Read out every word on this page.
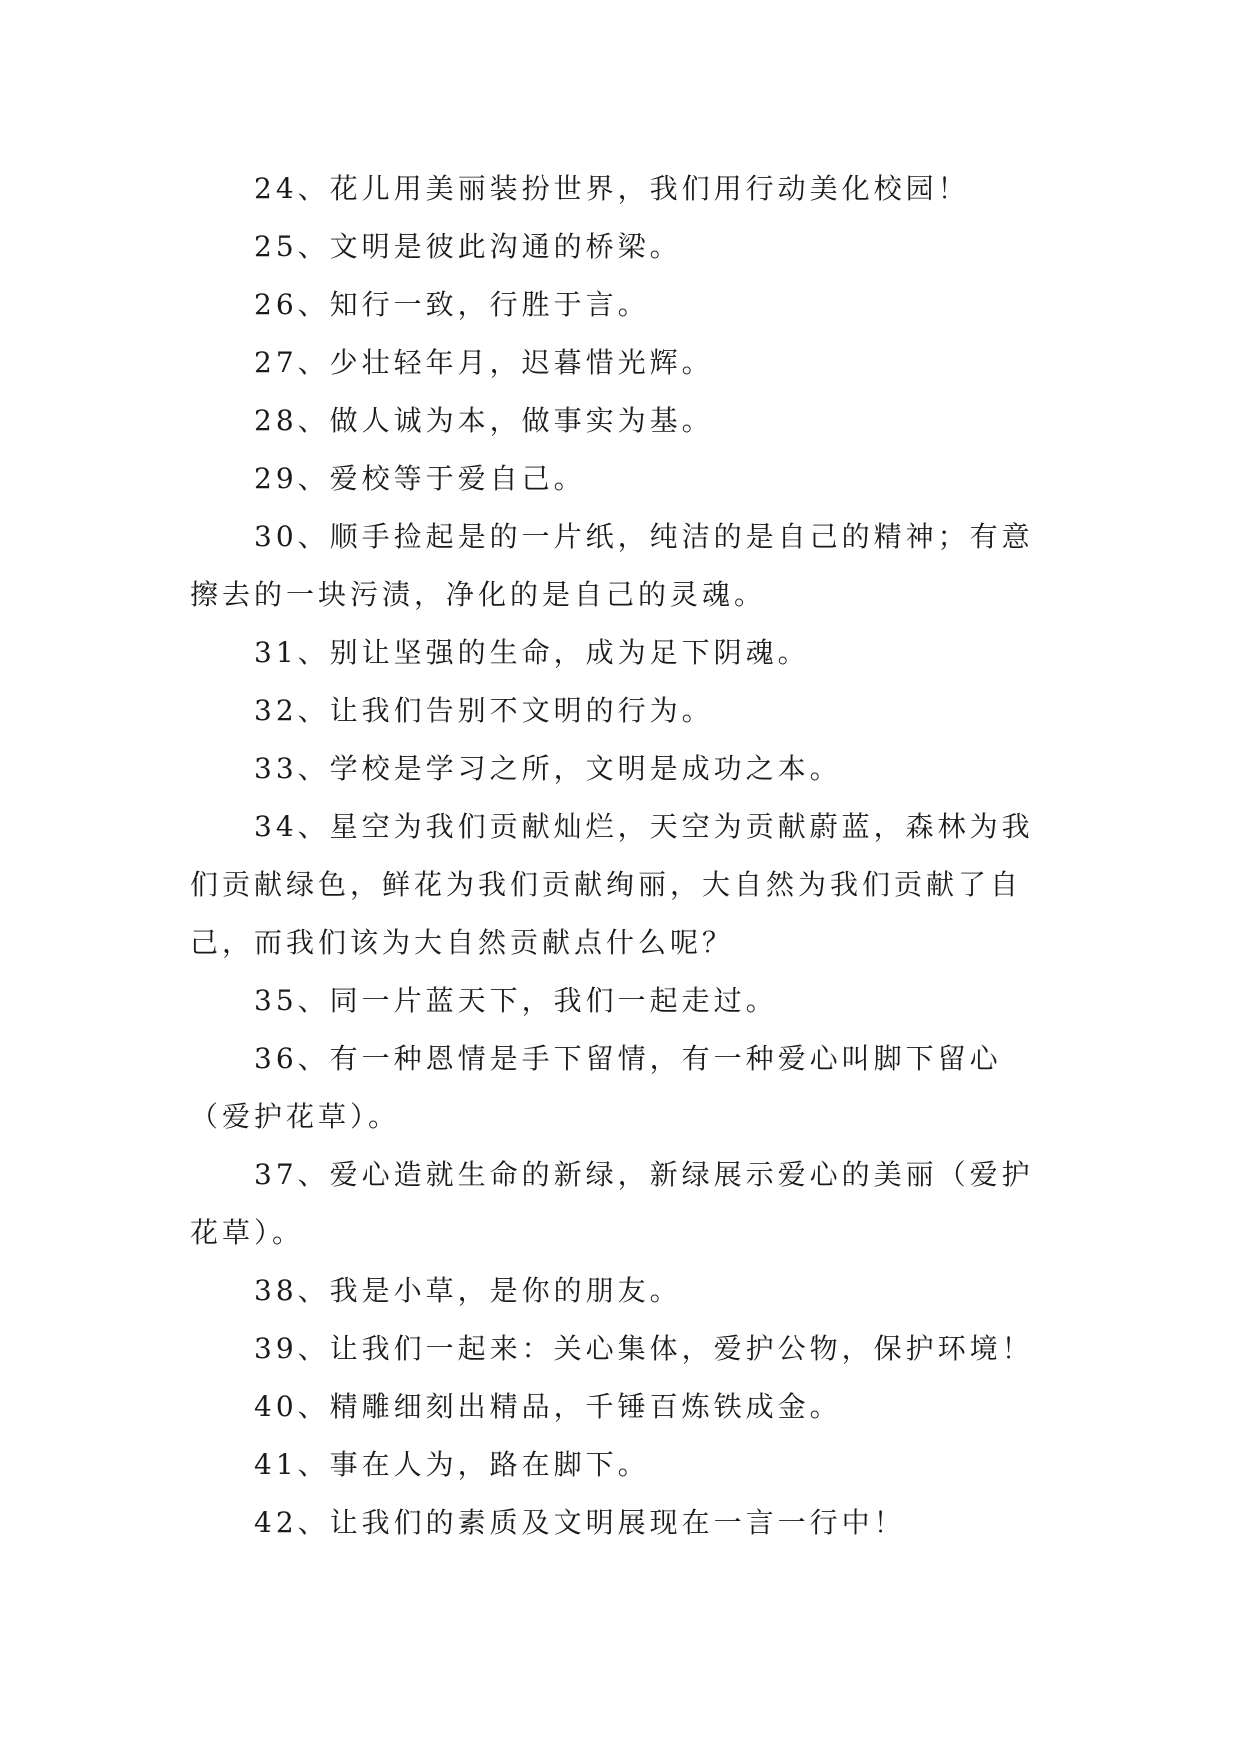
24、花儿用美丽装扮世界，我们用行动美化校园！

25、文明是彼此沟通的桥梁。

26、知行一致，行胜于言。

27、少壮轻年月，迟暮惜光辉。

28、做人诚为本，做事实为基。

29、爱校等于爱自己。

30、顺手捡起是的一片纸，纯洁的是自己的精神；有意擦去的一块污渍，净化的是自己的灵魂。

31、别让坚强的生命，成为足下阴魂。

32、让我们告别不文明的行为。

33、学校是学习之所，文明是成功之本。

34、星空为我们贡献灿烂，天空为贡献蔚蓝，森林为我们贡献绿色，鲜花为我们贡献绚丽，大自然为我们贡献了自己，而我们该为大自然贡献点什么呢？

35、同一片蓝天下，我们一起走过。

36、有一种恩情是手下留情，有一种爱心叫脚下留心（爱护花草）。

37、爱心造就生命的新绿，新绿展示爱心的美丽（爱护花草）。

38、我是小草，是你的朋友。

39、让我们一起来：关心集体，爱护公物，保护环境！

40、精雕细刻出精品，千锤百炼铁成金。

41、事在人为，路在脚下。

42、让我们的素质及文明展现在一言一行中！
